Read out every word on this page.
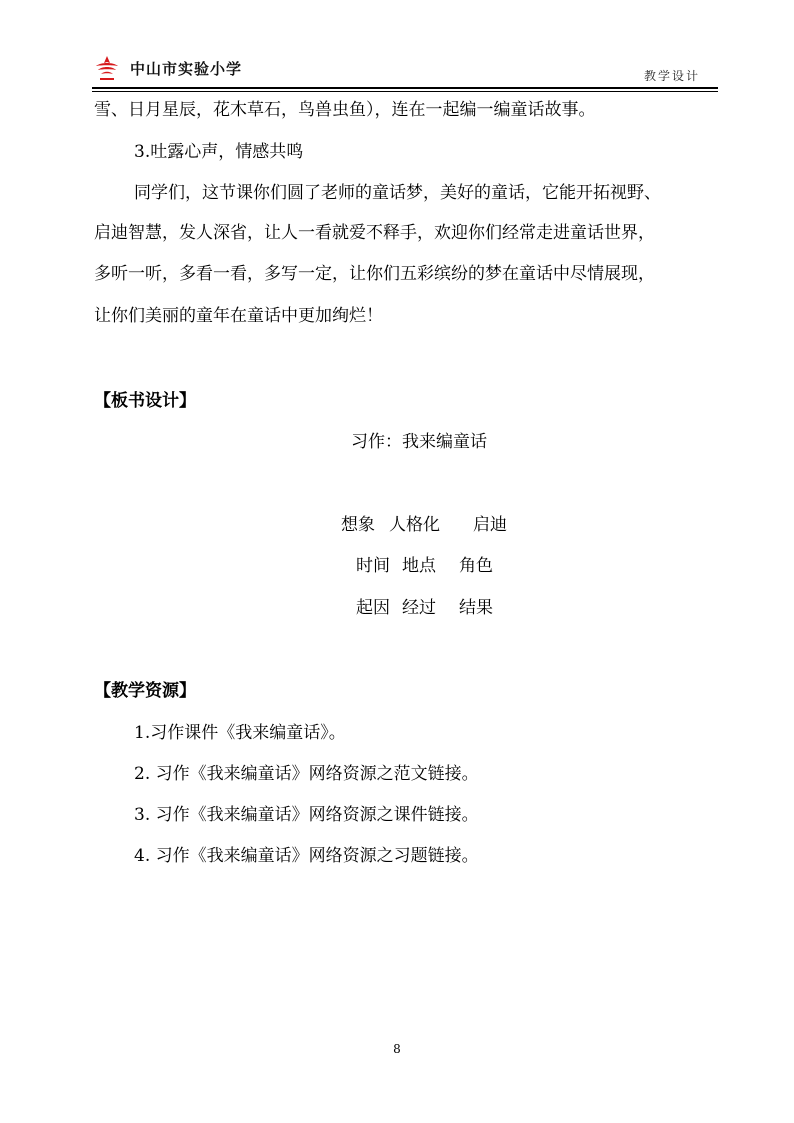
中山市实验小学	教学设计
雪、日月星辰，花木草石，鸟兽虫鱼），连在一起编一编童话故事。
3.吐露心声，情感共鸣
同学们，这节课你们圆了老师的童话梦，美好的童话，它能开拓视野、
启迪智慧，发人深省，让人一看就爱不释手，欢迎你们经常走进童话世界，
多听一听，多看一看，多写一定，让你们五彩缤纷的梦在童话中尽情展现，
让你们美丽的童年在童话中更加绚烂！
【板书设计】
习作：我来编童话
想象 人格化 启迪
时间 地点 角色
起因 经过 结果
【教学资源】
1.习作课件《我来编童话》。
2. 习作《我来编童话》网络资源之范文链接。
3. 习作《我来编童话》网络资源之课件链接。
4. 习作《我来编童话》网络资源之习题链接。
8
